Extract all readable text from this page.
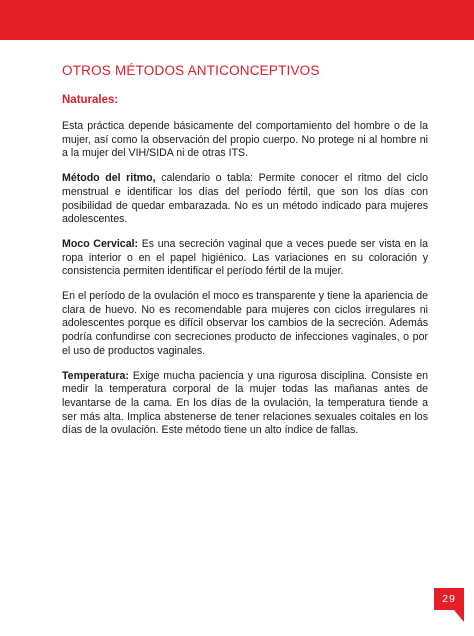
OTROS MÉTODOS ANTICONCEPTIVOS

Naturales:

Esta práctica depende básicamente del comportamiento del hombre o de la mujer, así como la observación del propio cuerpo. No protege ni al hombre ni a la mujer del VIH/SIDA ni de otras ITS.

Método del ritmo, calendario o tabla: Permite conocer el ritmo del ciclo menstrual e identificar los días del período fértil, que son los días con posibilidad de quedar embarazada. No es un método indicado para mujeres adolescentes.

Moco Cervical: Es una secreción vaginal que a veces puede ser vista en la ropa interior o en el papel higiénico. Las variaciones en su coloración y consistencia permiten identificar el período fértil de la mujer.

En el período de la ovulación el moco es transparente y tiene la apariencia de clara de huevo. No es recomendable para mujeres con ciclos irregulares ni adolescentes porque es difícil observar los cambios de la secreción. Además podría confundirse con secreciones producto de infecciones vaginales, o por el uso de productos vaginales.

Temperatura: Exige mucha paciencia y una rigurosa disciplina. Consiste en medir la temperatura corporal de la mujer todas las mañanas antes de levantarse de la cama. En los días de la ovulación, la temperatura tiende a ser más alta. Implica abstenerse de tener relaciones sexuales coitales en los días de la ovulación. Este método tiene un alto índice de fallas.

29
